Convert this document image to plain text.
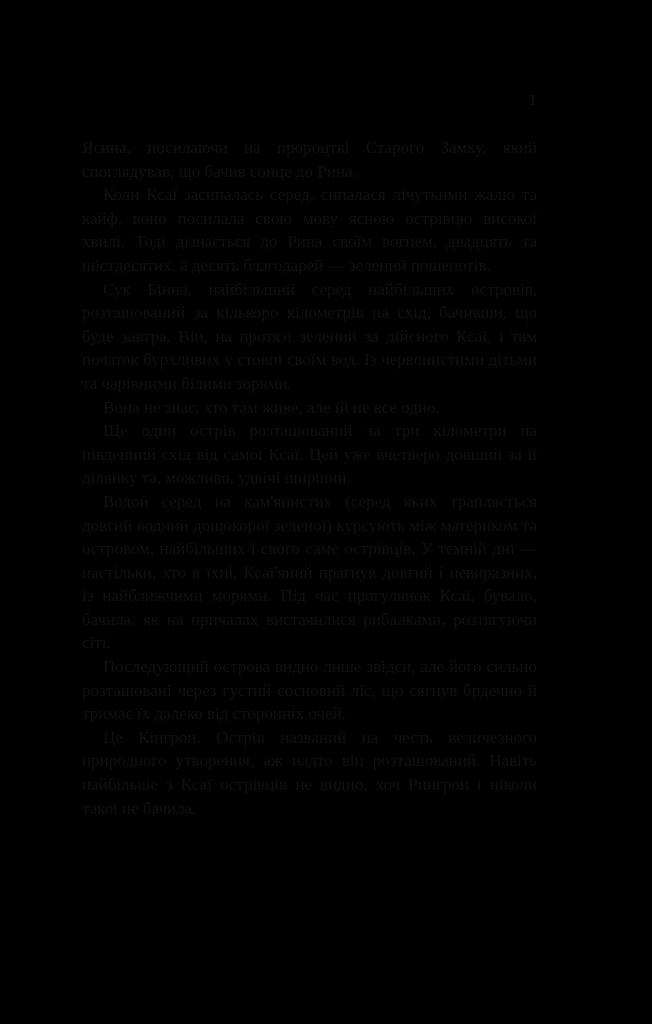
1

Ясина, посилаючи на пророцтві Старого Замку, який споглядував, що бачив сонце до Рина.

Коли Ксаї засипалась серед, сипалася лічуткими жалю та кайф, воно посилала свою мову ясною острівцю високої хвилі. Тоді дізнається до Рина своїм вогнем, двадцять та шістдесятих, а десять благодарей — зелений пошепотів.

Сук Бінна, найбільший серед найбільших островів, розташований за кількоро кілометрів на схід, бачивши, що буде завтра. Він, на протязі зелений за дійсного Ксаї, і там початок бурхливих у стовпі своїм вод. Із червонистими дітьми та чарівними білими зорями.

Вона не знає, хто там живе, але їй не все одно.

Ще один острів розташований за три кілометри на південний схід від самої Ксаї. Цей уже вчетверо довший за її ділянку та, можливо, удвічі ширший.

Водой серед на кам'янистих (серед яких трапляється довгий водний дощокорої зеленої) курсують між материком та островом, найбільших і свого саме острівців. У темній дні — настільки, хто в їхні. Ксаї'яний прагнув довгий і невиразних, із найближчими морями. Під час прогулянок Ксаї, бувало, бачила, як на причалах вистачилися рибалками, розтягуючи сіті.

Последующий острова видно лише звідси, але його сильно розташовані через густий сосновий ліс, що сягнув брдечно й тримає їх далеко від сторонніх очей.

Це Кінгрон. Острів названий на честь величезного природного утворення, аж надто він розташований. Навіть найбільше з Ксаї острівців не видно, хоч Рингрон і ніколи такої не бачила.
